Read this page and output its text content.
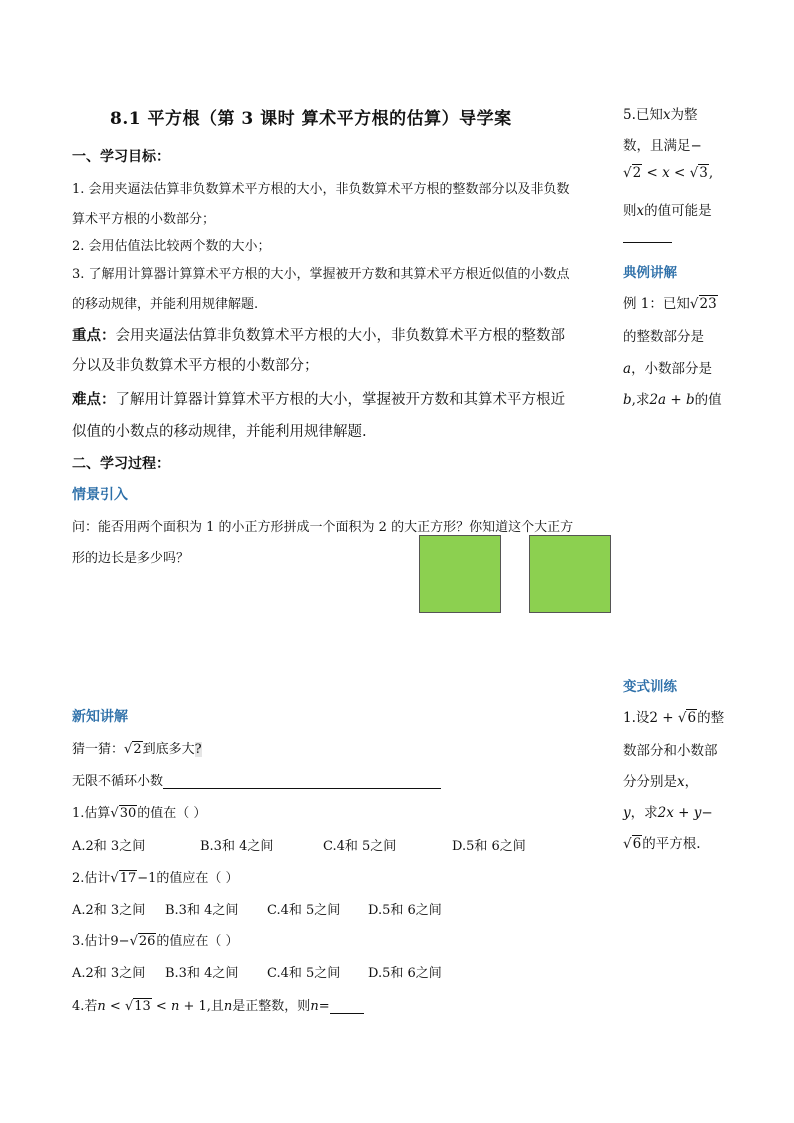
8.1 平方根（第 3 课时 算术平方根的估算）导学案
一、学习目标：
1. 会用夹逼法估算非负数算术平方根的大小，非负数算术平方根的整数部分以及非负数
算术平方根的小数部分；
2. 会用估值法比较两个数的大小；
3. 了解用计算器计算算术平方根的大小，掌握被开方数和其算术平方根近似值的小数点
的移动规律，并能利用规律解题.
重点：会用夹逼法估算非负数算术平方根的大小，非负数算术平方根的整数部
分以及非负数算术平方根的小数部分；
难点：了解用计算器计算算术平方根的大小，掌握被开方数和其算术平方根近
似值的小数点的移动规律，并能利用规律解题.
二、学习过程：
情景引入
问：能否用两个面积为 1 的小正方形拼成一个面积为 2 的大正方形？你知道这个大正方
形的边长是多少吗？
新知讲解
猜一猜：√2到底多大?
无限不循环小数
1.估算√30的值在（ ）
A.2和 3之间	B.3和 4之间	C.4和 5之间	D.5和 6之间
2.估计√17−1的值应在（ ）
A.2和 3之间 B.3和 4之间 C.4和 5之间 D.5和 6之间
3.估计9−√26的值应在（ ）
A.2和 3之间 B.3和 4之间 C.4和 5之间 D.5和 6之间
4.若n < √13 < n + 1,且n是正整数，则n=
5.已知x为整
数，且满足−
√2 < x < √3,
则x的值可能是
典例讲解
例 1：已知√23
的整数部分是
a，小数部分是
b,求2a + b的值
变式训练
1.设2 + √6的整
数部分和小数部
分分别是x，
y，求2x + y−
√6的平方根.
